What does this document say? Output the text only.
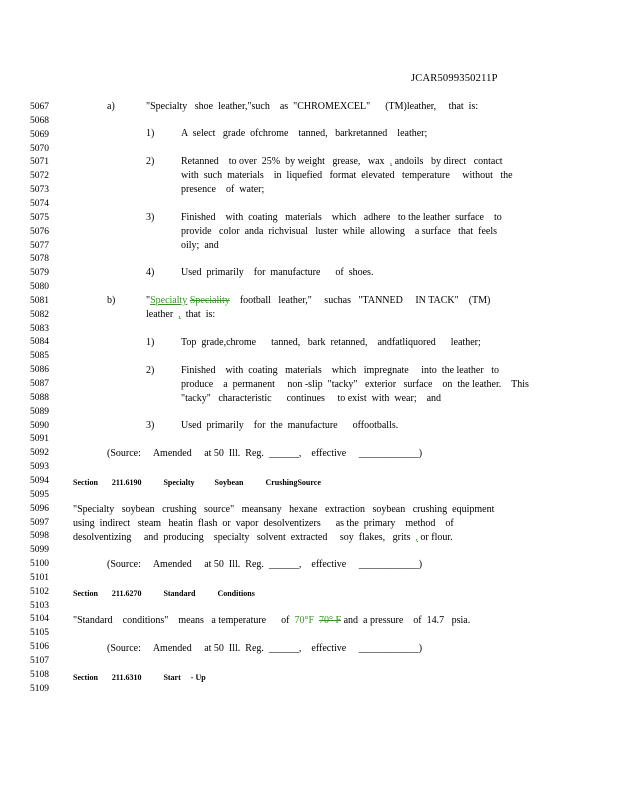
JCAR5099350211P
5067
5068
5069
5070
5071
5072
5073
5074
5075
5076
5077
5078
5079
5080
5081
5082
5083
5084
5085
5086
5087
5088
5089
5090
5091
5092
5093
5094
5095
5096
5097
5098
5099
5100
5101
5102
5103
5104
5105
5106
5107
5108
5109
a)	"Specialty   shoe  leather,"such    as  "CHROMEXCEL"      (TM)leather,     that  is:
1)	A  select   grade  ofchrome    tanned,   barkretanned    leather;
2)	Retanned    to over  25%  by weight   grease,   wax  , andoils   by direct   contact
with  such  materials    in  liquefied   format  elevated   temperature     without   the
presence    of  water;
3)	Finished    with  coating   materials    which   adhere   to the leather  surface    to
provide   color  anda  richvisual   luster  while  allowing    a surface   that  feels
oily;  and
4)	Used  primarily    for  manufacture      of  shoes.
b)	"Specialty Speciality    football   leather,"     suchas   "TANNED     IN TACK"    (TM)
leather  ,  that  is:
1)	Top  grade,chrome      tanned,   bark  retanned,    andfatliquored      leather;
2)	Finished    with  coating   materials    which   impregnate     into  the leather   to
produce    a  permanent     non -slip  "tacky"   exterior   surface    on  the leather.    This
"tacky"   characteristic      continues     to exist  with  wear;    and
3)	Used  primarily    for  the  manufacture      offootballs.
(Source:     Amended     at 50  Ill.  Reg.  ______,    effective     ____________)
Section       211.6190           Specialty          Soybean           CrushingSource
"Specialty   soybean   crushing   source"   meansany   hexane   extraction   soybean   crushing  equipment
using  indirect   steam   heatin  flash  or  vapor  desolventizers      as the  primary    method    of
desolventizing     and  producing    specialty   solvent  extracted     soy  flakes,   grits  , or flour.
(Source:     Amended     at 50  Ill.  Reg.  ______,    effective     ____________)
Section       211.6270           Standard           Conditions
"Standard    conditions"    means   a temperature      of  70°F 70° F and  a pressure    of  14.7   psia.
(Source:     Amended     at 50  Ill.  Reg.  ______,    effective     ____________)
Section       211.6310           Start     - Up
